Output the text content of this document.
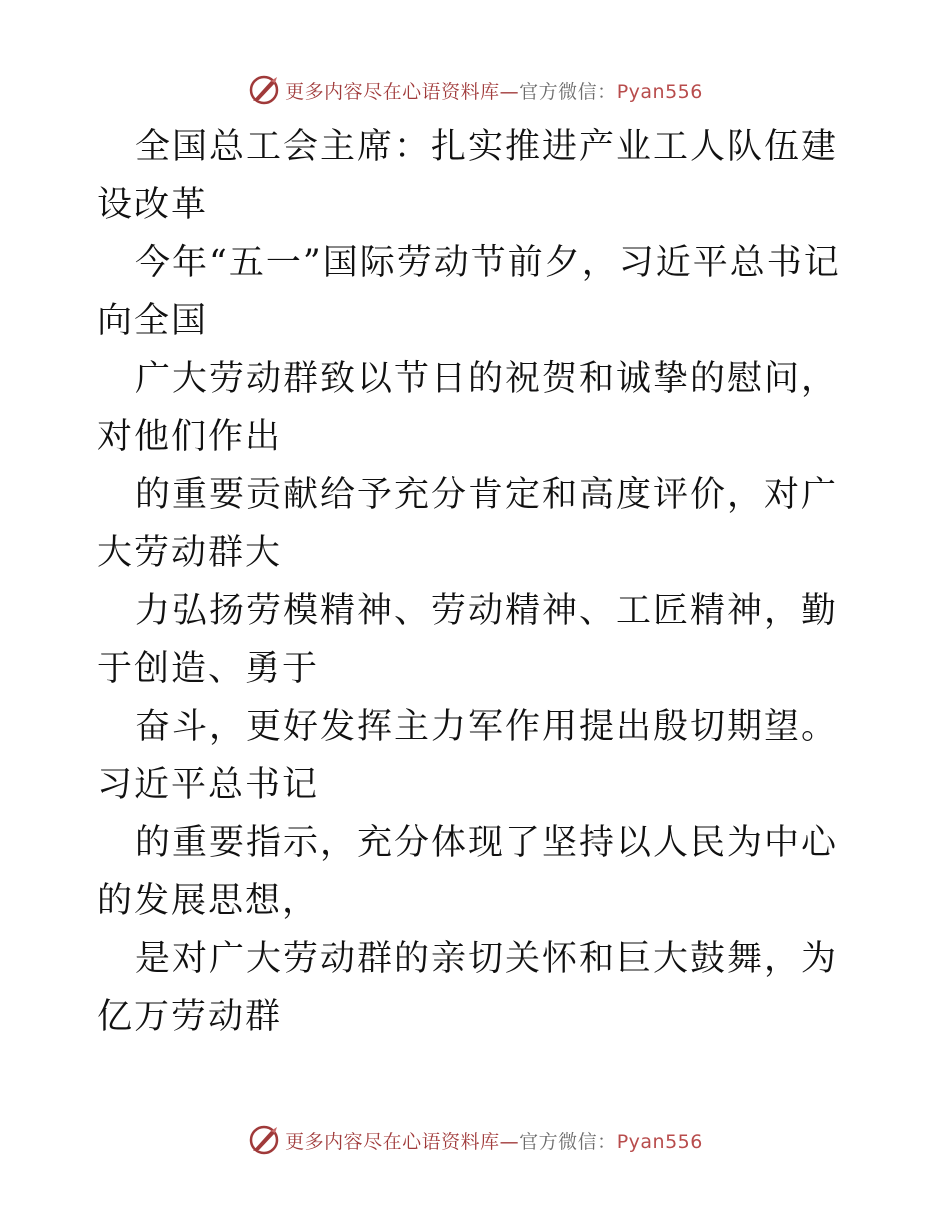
更多内容尽在心语资料库—官方微信：Pyan556

全国总工会主席：扎实推进产业工人队伍建设改革

今年“五一”国际劳动节前夕，习近平总书记向全国

广大劳动群致以节日的祝贺和诚挚的慰问，对他们作出

的重要贡献给予充分肯定和高度评价，对广大劳动群大

力弘扬劳模精神、劳动精神、工匠精神，勤于创造、勇于

奋斗，更好发挥主力军作用提出殷切期望。习近平总书记

的重要指示，充分体现了坚持以人民为中心的发展思想，

是对广大劳动群的亲切关怀和巨大鼓舞，为亿万劳动群

更多内容尽在心语资料库—官方微信：Pyan556
